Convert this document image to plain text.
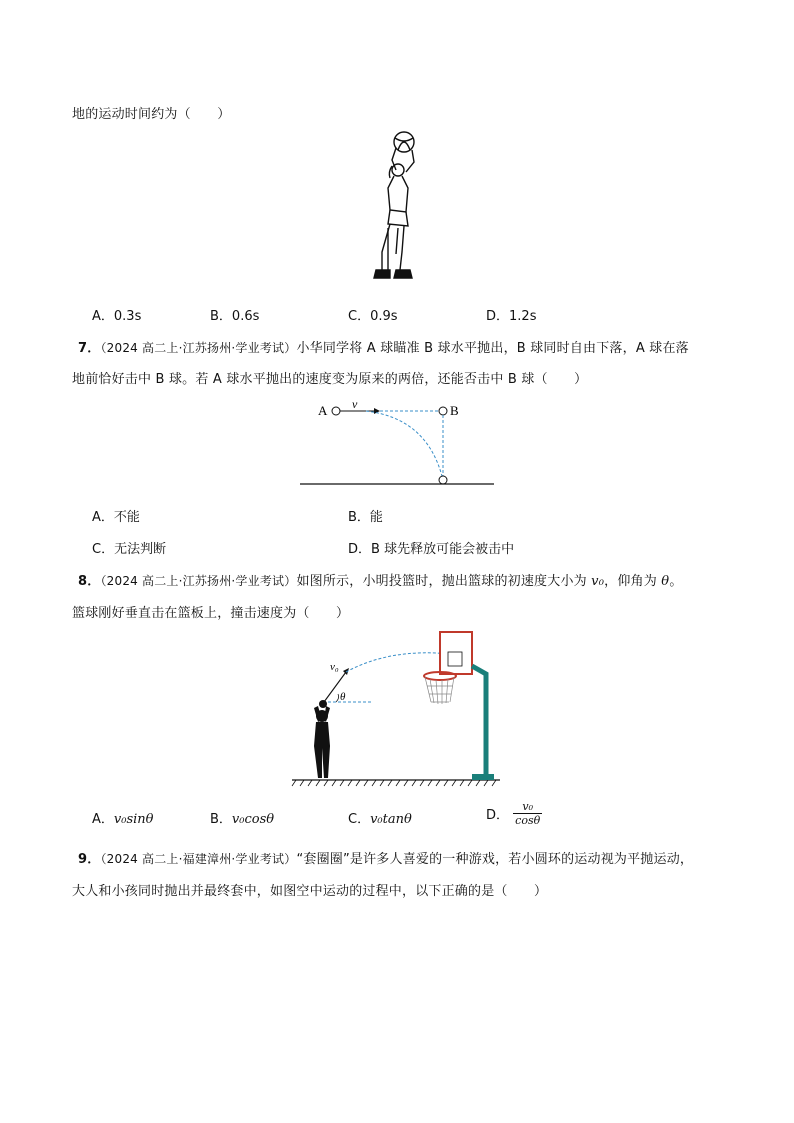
地的运动时间约为（　　）
A．0.3s	B．0.6s	C．0.9s	D．1.2s
7．（2024 高二上·江苏扬州·学业考试）小华同学将 A 球瞄准 B 球水平抛出，B 球同时自由下落，A 球在落
地前恰好击中 B 球。若 A 球水平抛出的速度变为原来的两倍，还能否击中 B 球（　　）
A v	B
A．不能	B．能
C．无法判断	D．B 球先释放可能会被击中
8．（2024 高二上·江苏扬州·学业考试）如图所示，小明投篮时，抛出篮球的初速度大小为 v₀，仰角为 θ。
篮球刚好垂直击在篮板上，撞击速度为（　　）
v₀
θ
A．v₀sinθ	B．v₀cosθ	C．v₀tanθ	D． $\frac{\text{v₀}}{\cos\theta}$
9．（2024 高二上·福建漳州·学业考试）“套圈圈”是许多人喜爱的一种游戏，若小圆环的运动视为平抛运动，
大人和小孩同时抛出并最终套中，如图空中运动的过程中，以下正确的是（　　）
